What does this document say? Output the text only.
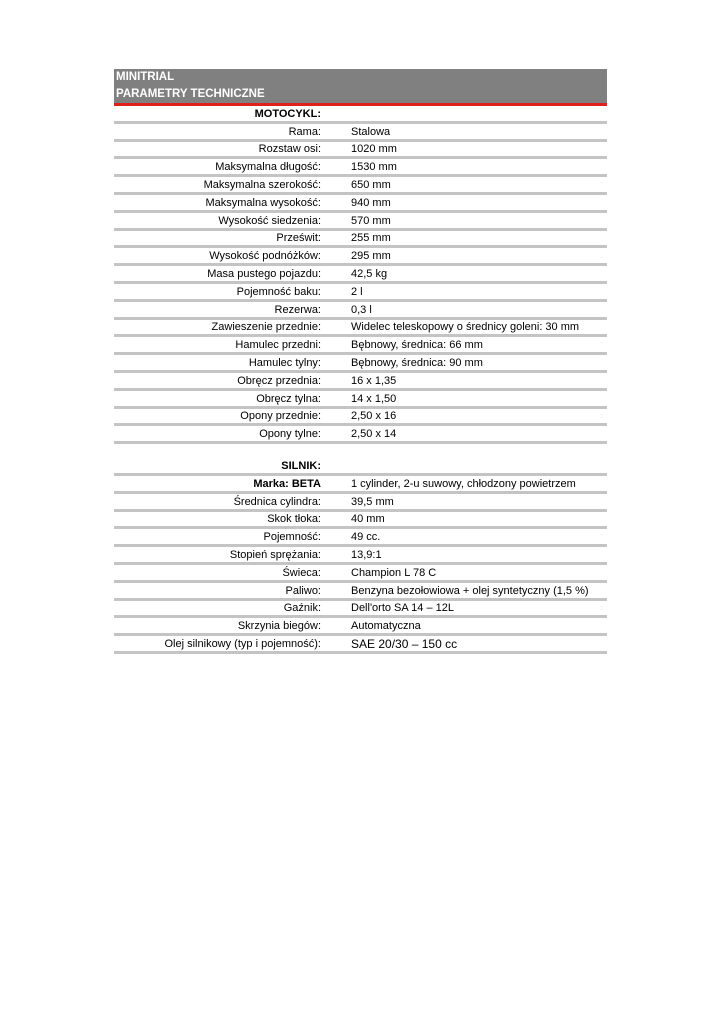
MINITRIAL
PARAMETRY TECHNICZNE
MOTOCYKL:
Rama:	Stalowa
Rozstaw osi:	1020 mm
Maksymalna długość:	1530 mm
Maksymalna szerokość:	650 mm
Maksymalna wysokość:	940 mm
Wysokość siedzenia:	570 mm
Prześwit:	255 mm
Wysokość podnóżków:	295 mm
Masa pustego pojazdu:	42,5 kg
Pojemność baku:	2 l
Rezerwa:	0,3 l
Zawieszenie przednie:	Widelec teleskopowy o średnicy goleni: 30 mm
Hamulec przedni:	Bębnowy, średnica: 66 mm
Hamulec tylny:	Bębnowy, średnica: 90 mm
Obręcz przednia:	16 x 1,35
Obręcz tylna:	14 x 1,50
Opony przednie:	2,50 x 16
Opony tylne:	2,50 x 14
SILNIK:
Marka: BETA	1 cylinder, 2-u suwowy, chłodzony powietrzem
Średnica cylindra:	39,5 mm
Skok tłoka:	40 mm
Pojemność:	49 cc.
Stopień sprężania:	13,9:1
Świeca:	Champion L 78 C
Paliwo:	Benzyna bezołowiowa + olej syntetyczny (1,5 %)
Gaźnik:	Dell'orto SA 14 – 12L
Skrzynia biegów:	Automatyczna
Olej silnikowy (typ i pojemność):	SAE 20/30 – 150 cc
